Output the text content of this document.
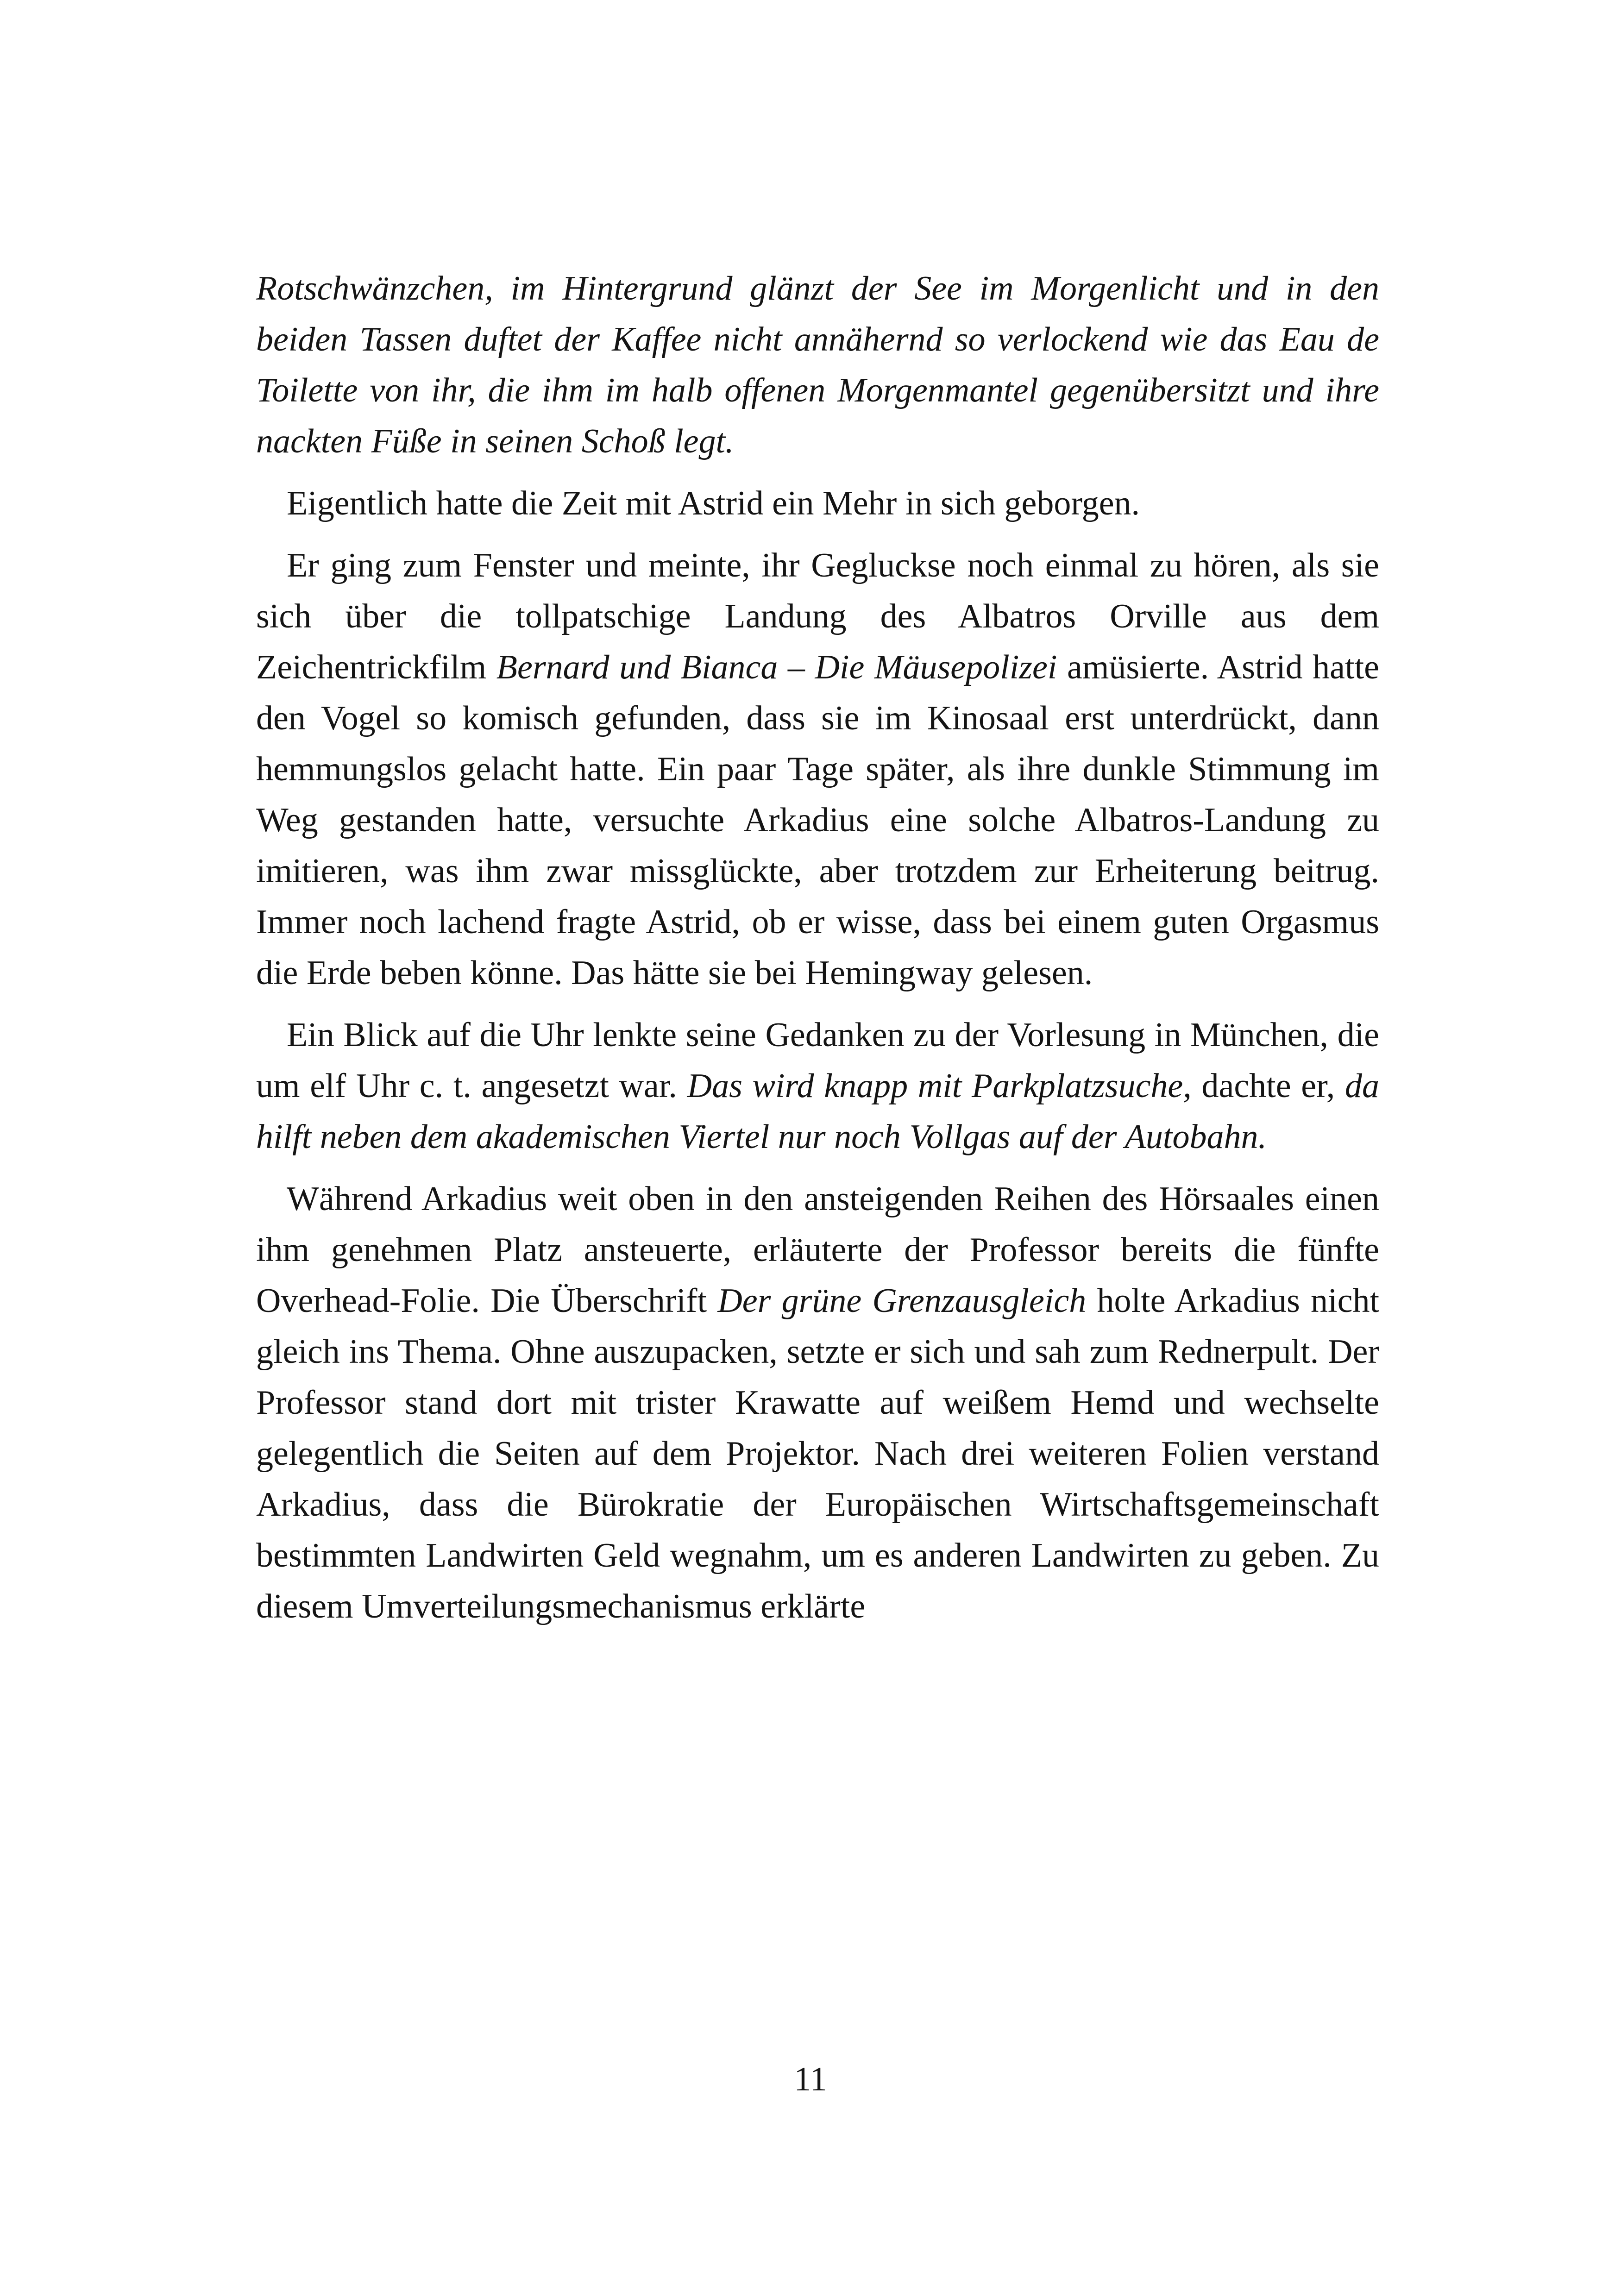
Rotschwänzchen, im Hintergrund glänzt der See im Morgenlicht und in den beiden Tassen duftet der Kaffee nicht annähernd so verlockend wie das Eau de Toilette von ihr, die ihm im halb offenen Morgenmantel gegenübersitzt und ihre nackten Füße in seinen Schoß legt.

Eigentlich hatte die Zeit mit Astrid ein Mehr in sich geborgen.

Er ging zum Fenster und meinte, ihr Gegluckse noch einmal zu hören, als sie sich über die tollpatschige Landung des Albatros Orville aus dem Zeichentrickfilm Bernard und Bianca – Die Mäusepolizei amüsierte. Astrid hatte den Vogel so komisch gefunden, dass sie im Kinosaal erst unterdrückt, dann hemmungslos gelacht hatte. Ein paar Tage später, als ihre dunkle Stimmung im Weg gestanden hatte, versuchte Arkadius eine solche Albatros-Landung zu imitieren, was ihm zwar missglückte, aber trotzdem zur Erheiterung beitrug. Immer noch lachend fragte Astrid, ob er wisse, dass bei einem guten Orgasmus die Erde beben könne. Das hätte sie bei Hemingway gelesen.

Ein Blick auf die Uhr lenkte seine Gedanken zu der Vorlesung in München, die um elf Uhr c. t. angesetzt war. Das wird knapp mit Parkplatzsuche, dachte er, da hilft neben dem akademischen Viertel nur noch Vollgas auf der Autobahn.

Während Arkadius weit oben in den ansteigenden Reihen des Hörsaales einen ihm genehmen Platz ansteuerte, erläuterte der Professor bereits die fünfte Overhead-Folie. Die Überschrift Der grüne Grenzausgleich holte Arkadius nicht gleich ins Thema. Ohne auszupacken, setzte er sich und sah zum Rednerpult. Der Professor stand dort mit trister Krawatte auf weißem Hemd und wechselte gelegentlich die Seiten auf dem Projektor. Nach drei weiteren Folien verstand Arkadius, dass die Bürokratie der Europäischen Wirtschaftsgemeinschaft bestimmten Landwirten Geld wegnahm, um es anderen Landwirten zu geben. Zu diesem Umverteilungsmechanismus erklärte

11
